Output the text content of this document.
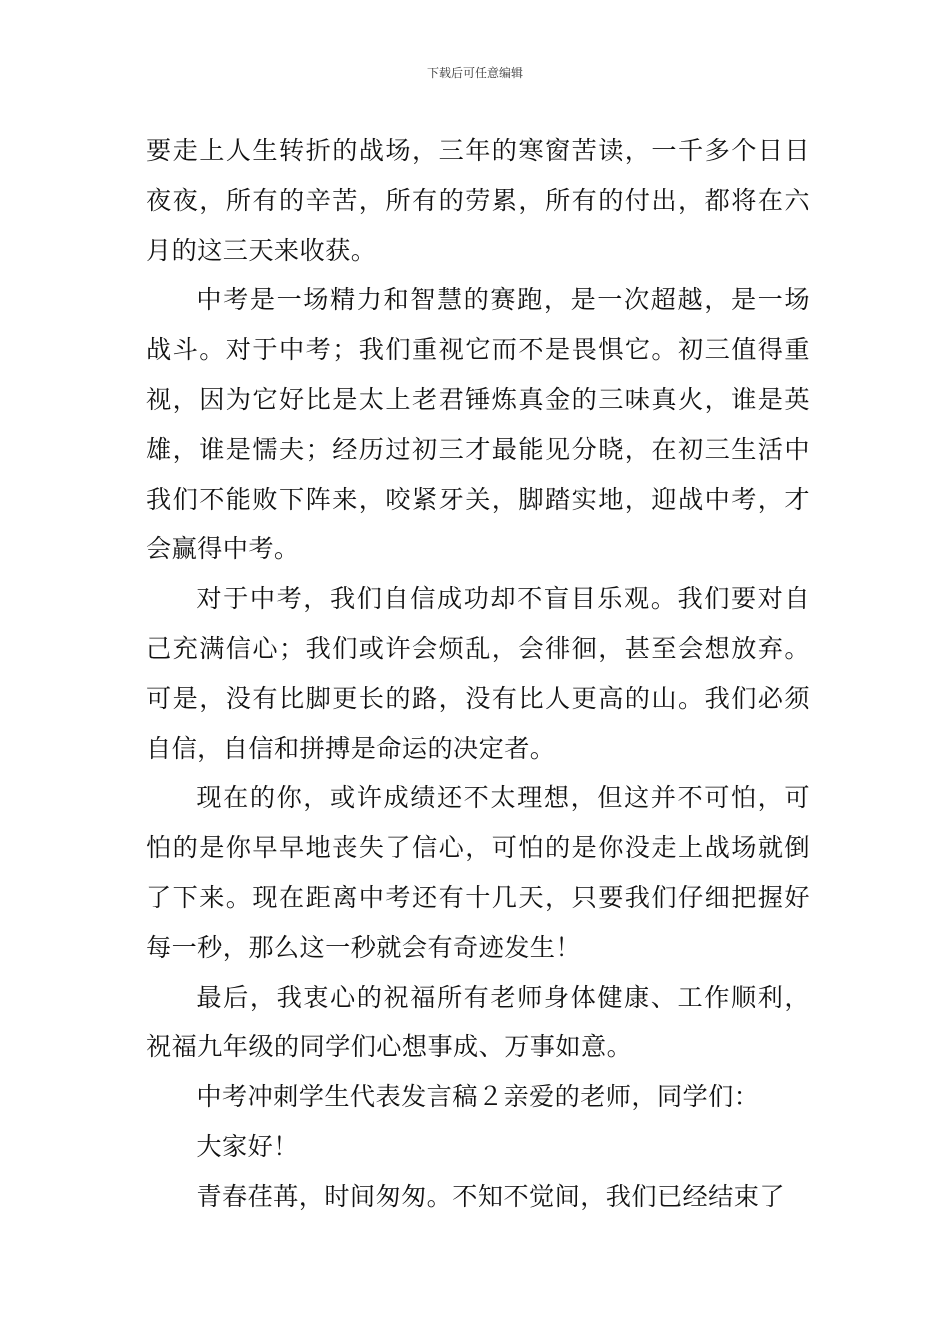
下载后可任意编辑

要走上人生转折的战场，三年的寒窗苦读，一千多个日日夜夜，所有的辛苦，所有的劳累，所有的付出，都将在六月的这三天来收获。

中考是一场精力和智慧的赛跑，是一次超越，是一场战斗。对于中考；我们重视它而不是畏惧它。初三值得重视，因为它好比是太上老君锤炼真金的三味真火，谁是英雄，谁是懦夫；经历过初三才最能见分晓，在初三生活中我们不能败下阵来，咬紧牙关，脚踏实地，迎战中考，才会赢得中考。

对于中考，我们自信成功却不盲目乐观。我们要对自己充满信心；我们或许会烦乱，会徘徊，甚至会想放弃。可是，没有比脚更长的路，没有比人更高的山。我们必须自信，自信和拼搏是命运的决定者。

现在的你，或许成绩还不太理想，但这并不可怕，可怕的是你早早地丧失了信心，可怕的是你没走上战场就倒了下来。现在距离中考还有十几天，只要我们仔细把握好每一秒，那么这一秒就会有奇迹发生！

最后，我衷心的祝福所有老师身体健康、工作顺利，祝福九年级的同学们心想事成、万事如意。

中考冲刺学生代表发言稿２亲爱的老师，同学们：

大家好！

青春荏苒，时间匆匆。不知不觉间，我们已经结束了
